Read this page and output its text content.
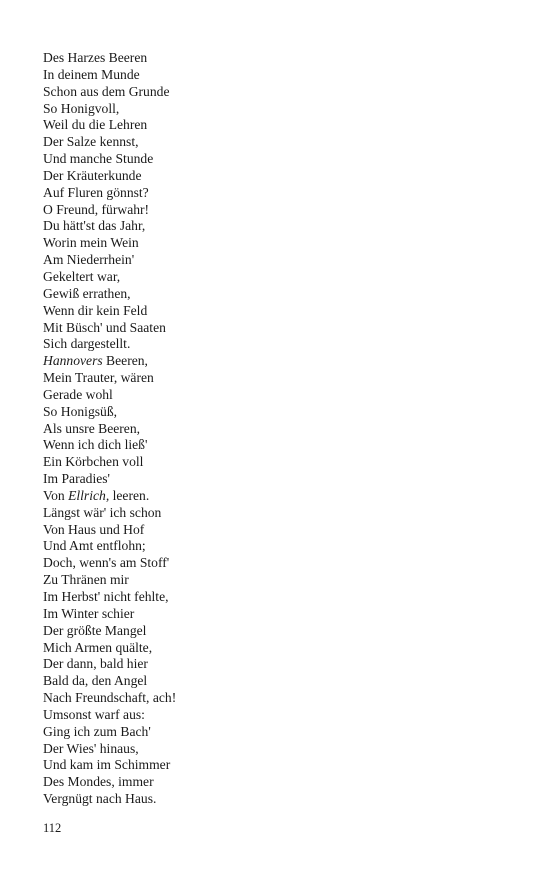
Des Harzes Beeren
In deinem Munde
Schon aus dem Grunde
So Honigvoll,
Weil du die Lehren
Der Salze kennst,
Und manche Stunde
Der Kräuterkunde
Auf Fluren gönnst?
O Freund, fürwahr!
Du hätt'st das Jahr,
Worin mein Wein
Am Niederrhein'
Gekeltert war,
Gewiß errathen,
Wenn dir kein Feld
Mit Büsch' und Saaten
Sich dargestellt.
Hannovers Beeren,
Mein Trauter, wären
Gerade wohl
So Honigsüß,
Als unsre Beeren,
Wenn ich dich ließ'
Ein Körbchen voll
Im Paradies'
Von Ellrich, leeren.
Längst wär' ich schon
Von Haus und Hof
Und Amt entflohn;
Doch, wenn's am Stoff'
Zu Thränen mir
Im Herbst' nicht fehlte,
Im Winter schier
Der größte Mangel
Mich Armen quälte,
Der dann, bald hier
Bald da, den Angel
Nach Freundschaft, ach!
Umsonst warf aus:
Ging ich zum Bach'
Der Wies' hinaus,
Und kam im Schimmer
Des Mondes, immer
Vergnügt nach Haus.
112
